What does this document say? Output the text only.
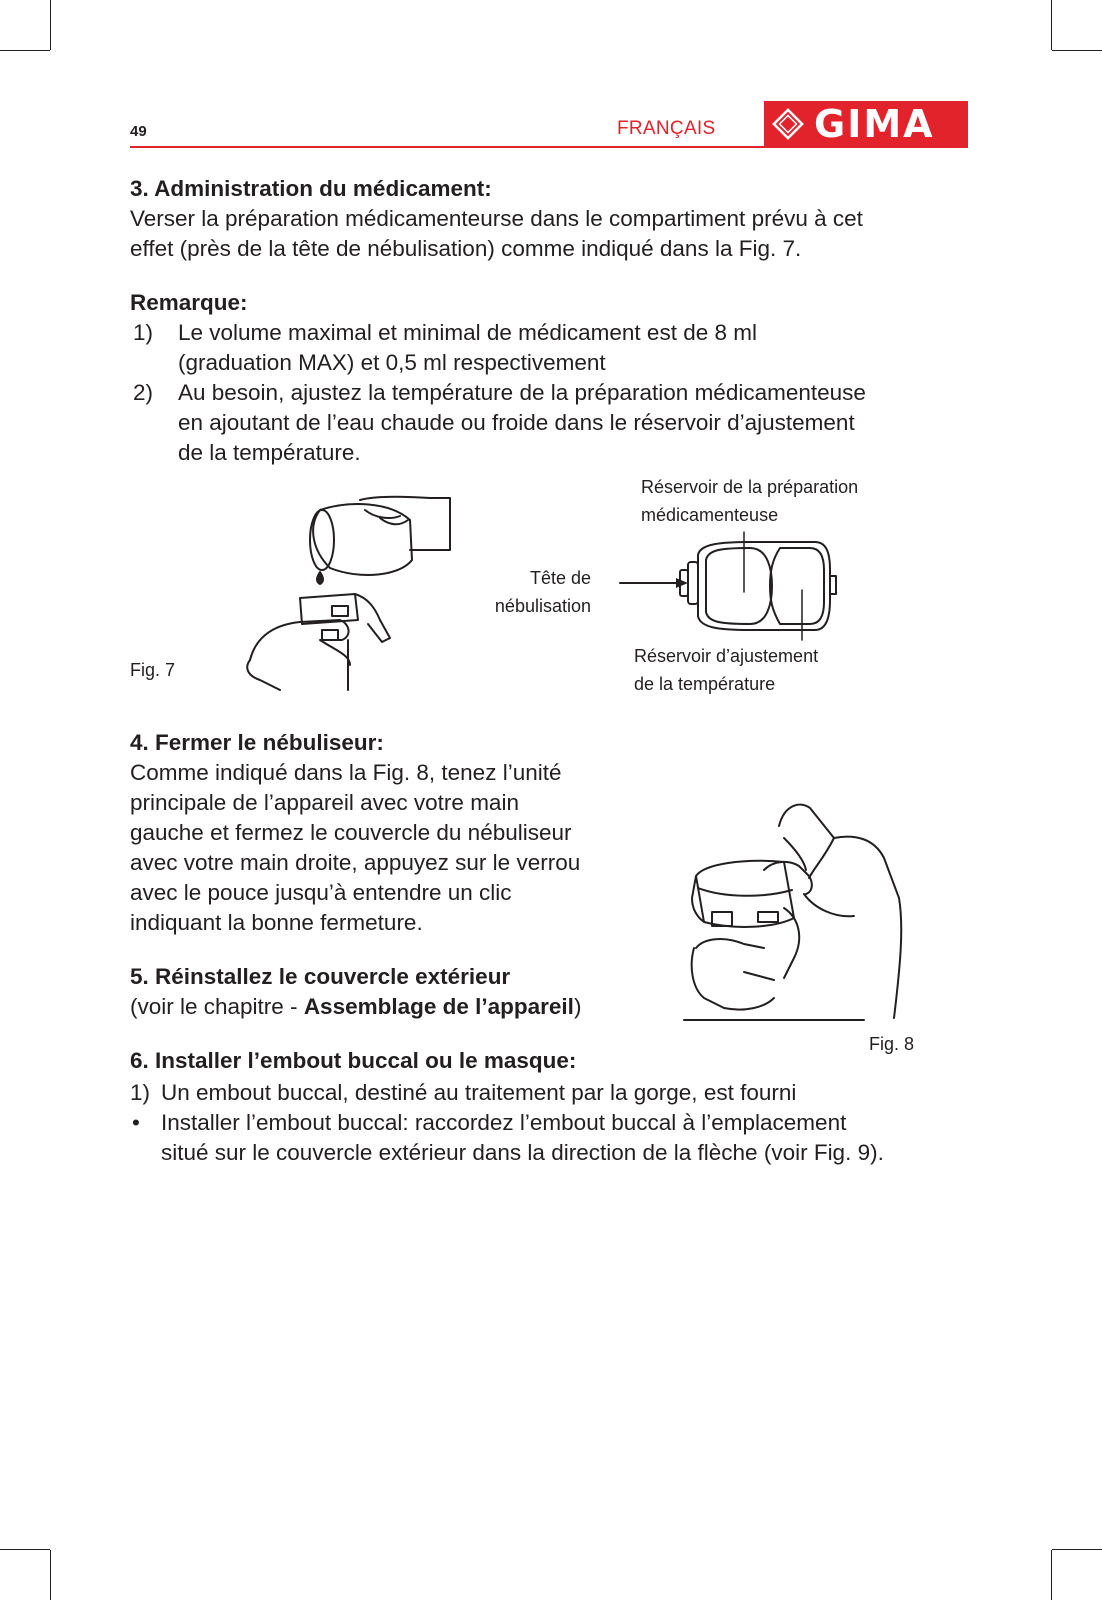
49	FRANÇAIS	GIMA
3. Administration du médicament:
Verser la préparation médicamenteurse dans le compartiment prévu à cet
effet (près de la tête de nébulisation) comme indiqué dans la Fig. 7.
Remarque:
1)	Le volume maximal et minimal de médicament est de 8 ml
(graduation MAX) et 0,5 ml respectivement
2)	Au besoin, ajustez la température de la préparation médicamenteuse
en ajoutant de l’eau chaude ou froide dans le réservoir d’ajustement
de la température.
Fig. 7
Réservoir de la préparation
médicamenteuse
Tête de
nébulisation
Réservoir d’ajustement
de la température
4. Fermer le nébuliseur:
Comme indiqué dans la Fig. 8, tenez l’unité
principale de l’appareil avec votre main
gauche et fermez le couvercle du nébuliseur
avec votre main droite, appuyez sur le verrou
avec le pouce jusqu’à entendre un clic
indiquant la bonne fermeture.
Fig. 8
5. Réinstallez le couvercle extérieur
(voir le chapitre - Assemblage de l’appareil)
6. Installer l’embout buccal ou le masque:
1) Un embout buccal, destiné au traitement par la gorge, est fourni
• Installer l’embout buccal: raccordez l’embout buccal à l’emplacement
situé sur le couvercle extérieur dans la direction de la flèche (voir Fig. 9).
